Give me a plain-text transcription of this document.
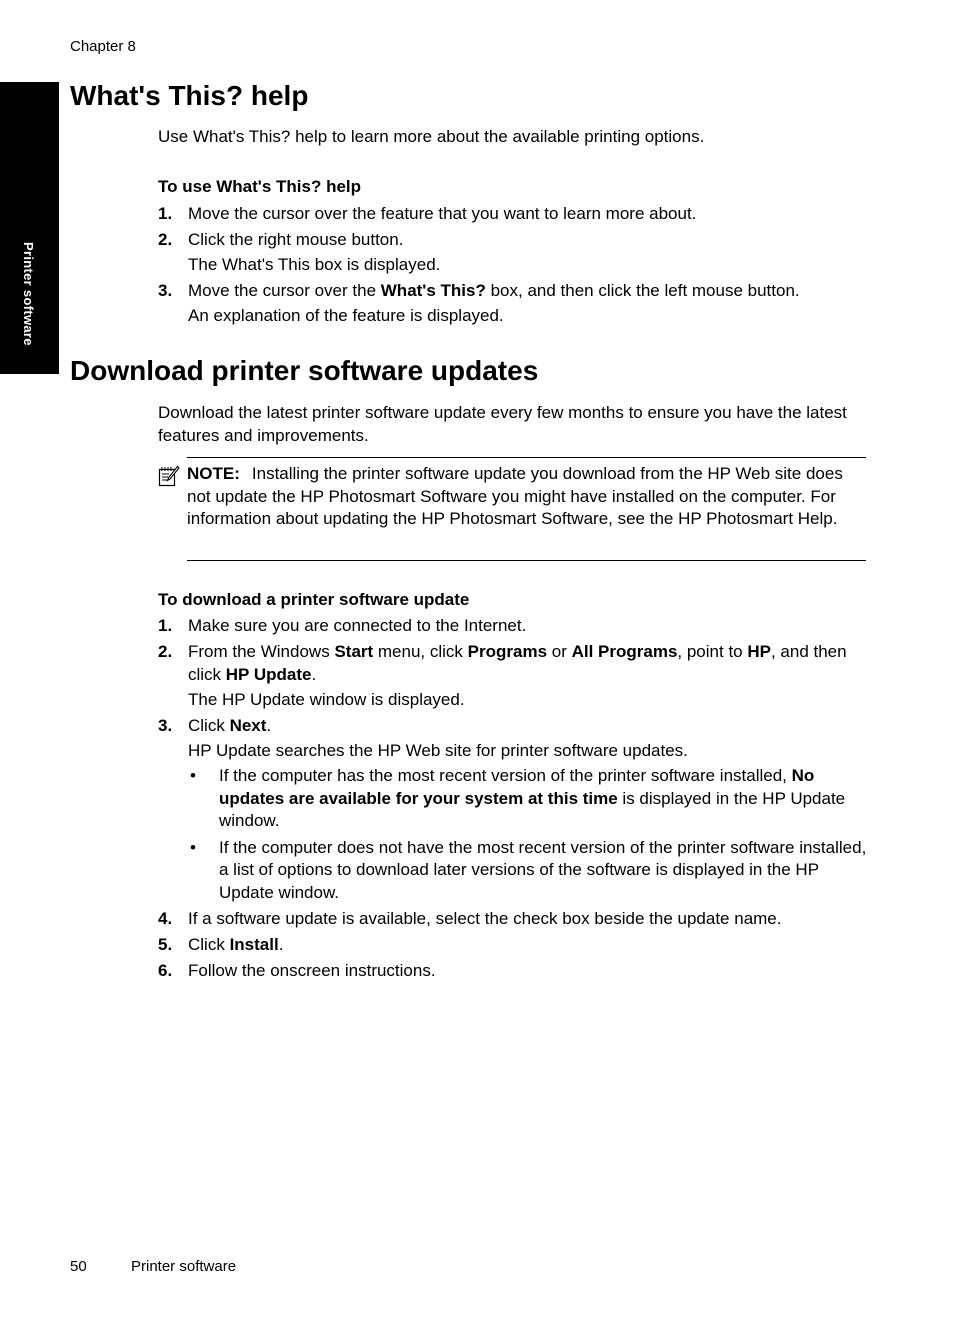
Chapter 8
Printer software
What's This? help

Use What's This? help to learn more about the available printing options.

To use What's This? help

1. Move the cursor over the feature that you want to learn more about.
2. Click the right mouse button.
The What's This box is displayed.
3. Move the cursor over the What's This? box, and then click the left mouse button.
An explanation of the feature is displayed.
Download printer software updates

Download the latest printer software update every few months to ensure you have the latest features and improvements.

NOTE: Installing the printer software update you download from the HP Web site does not update the HP Photosmart Software you might have installed on the computer. For information about updating the HP Photosmart Software, see the HP Photosmart Help.

To download a printer software update

1. Make sure you are connected to the Internet.
2. From the Windows Start menu, click Programs or All Programs, point to HP, and then click HP Update.
The HP Update window is displayed.
3. Click Next.
HP Update searches the HP Web site for printer software updates.
• If the computer has the most recent version of the printer software installed, No updates are available for your system at this time is displayed in the HP Update window.
• If the computer does not have the most recent version of the printer software installed, a list of options to download later versions of the software is displayed in the HP Update window.
4. If a software update is available, select the check box beside the update name.
5. Click Install.
6. Follow the onscreen instructions.
50	Printer software
